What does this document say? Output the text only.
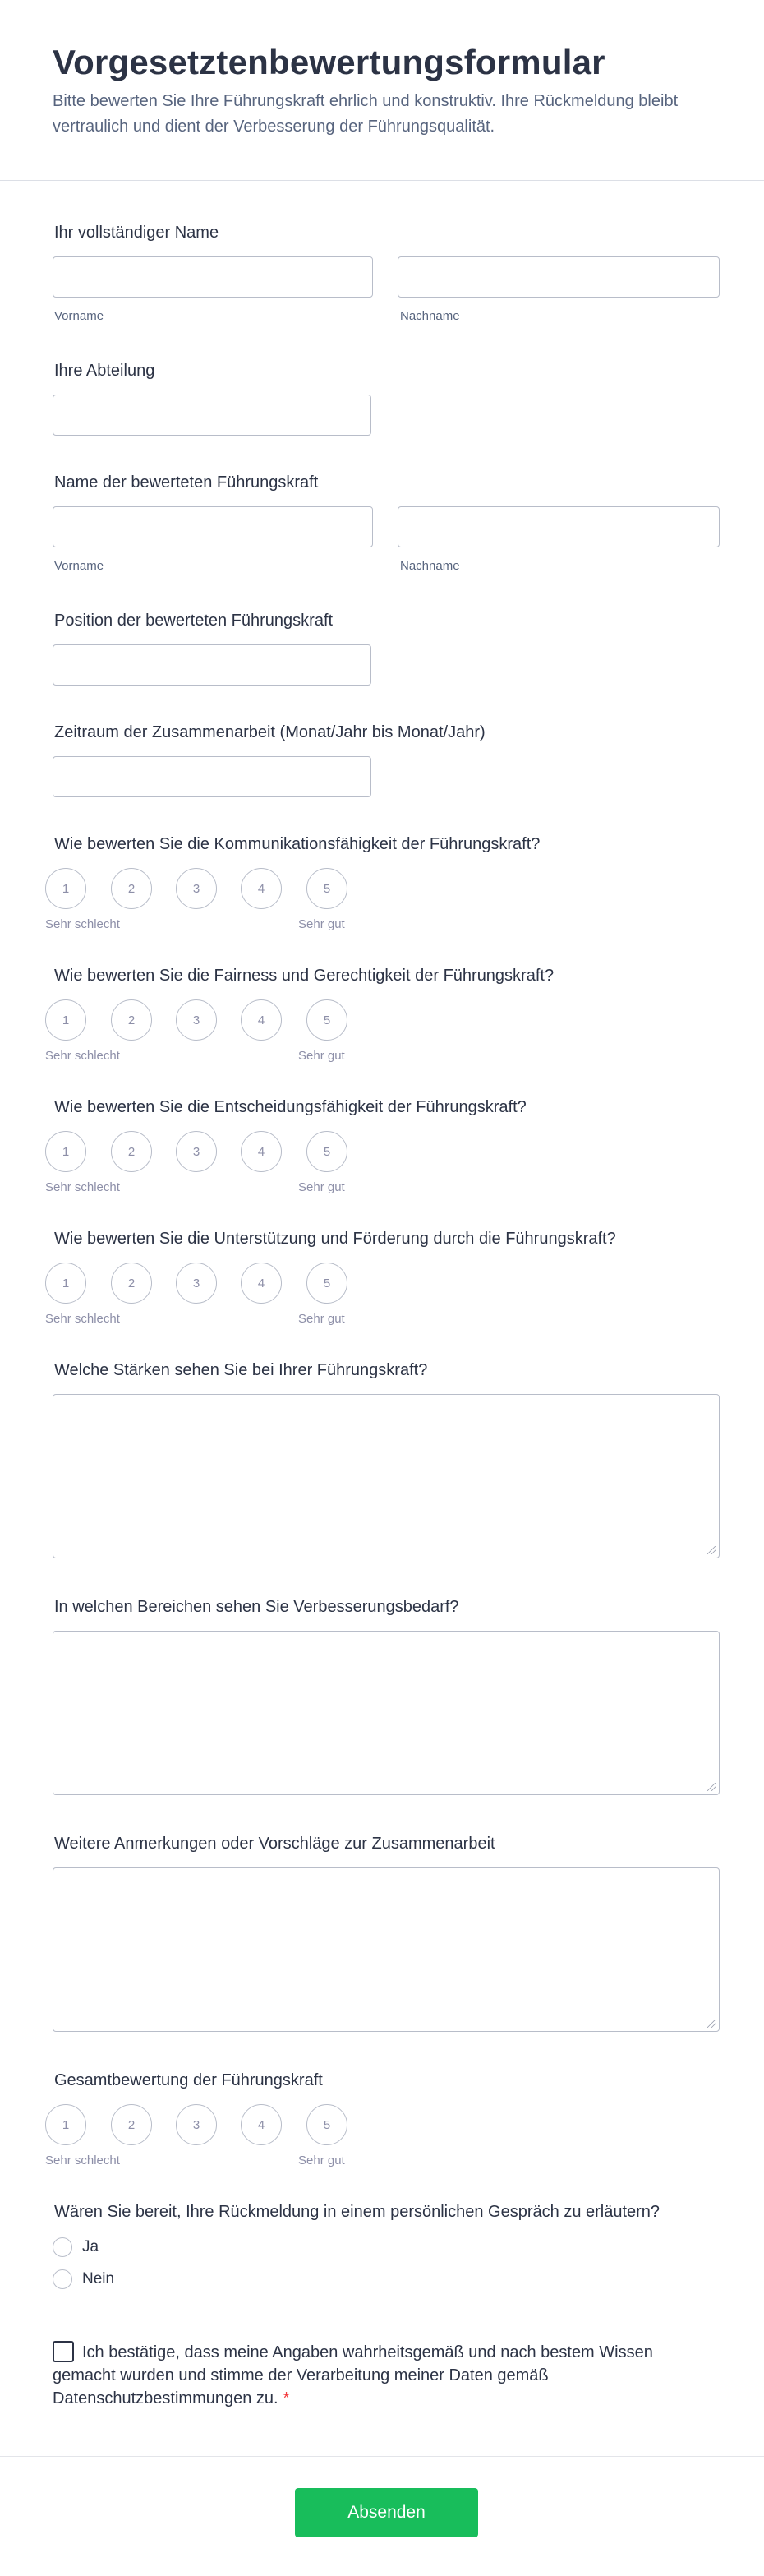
Vorgesetztenbewertungsformular

Bitte bewerten Sie Ihre Führungskraft ehrlich und konstruktiv. Ihre Rückmeldung bleibt vertraulich und dient der Verbesserung der Führungsqualität.

Ihr vollständiger Name
Vorname	Nachname
Ihre Abteilung
Name der bewerteten Führungskraft
Vorname	Nachname
Position der bewerteten Führungskraft
Zeitraum der Zusammenarbeit (Monat/Jahr bis Monat/Jahr)
Wie bewerten Sie die Kommunikationsfähigkeit der Führungskraft?
1	2	3	4	5
Sehr schlecht	Sehr gut
Wie bewerten Sie die Fairness und Gerechtigkeit der Führungskraft?
1	2	3	4	5
Sehr schlecht	Sehr gut
Wie bewerten Sie die Entscheidungsfähigkeit der Führungskraft?
1	2	3	4	5
Sehr schlecht	Sehr gut
Wie bewerten Sie die Unterstützung und Förderung durch die Führungskraft?
1	2	3	4	5
Sehr schlecht	Sehr gut
Welche Stärken sehen Sie bei Ihrer Führungskraft?
In welchen Bereichen sehen Sie Verbesserungsbedarf?
Weitere Anmerkungen oder Vorschläge zur Zusammenarbeit
Gesamtbewertung der Führungskraft
1	2	3	4	5
Sehr schlecht	Sehr gut
Wären Sie bereit, Ihre Rückmeldung in einem persönlichen Gespräch zu erläutern?
Ja
Nein
Ich bestätige, dass meine Angaben wahrheitsgemäß und nach bestem Wissen gemacht wurden und stimme der Verarbeitung meiner Daten gemäß Datenschutzbestimmungen zu. *
Absenden
